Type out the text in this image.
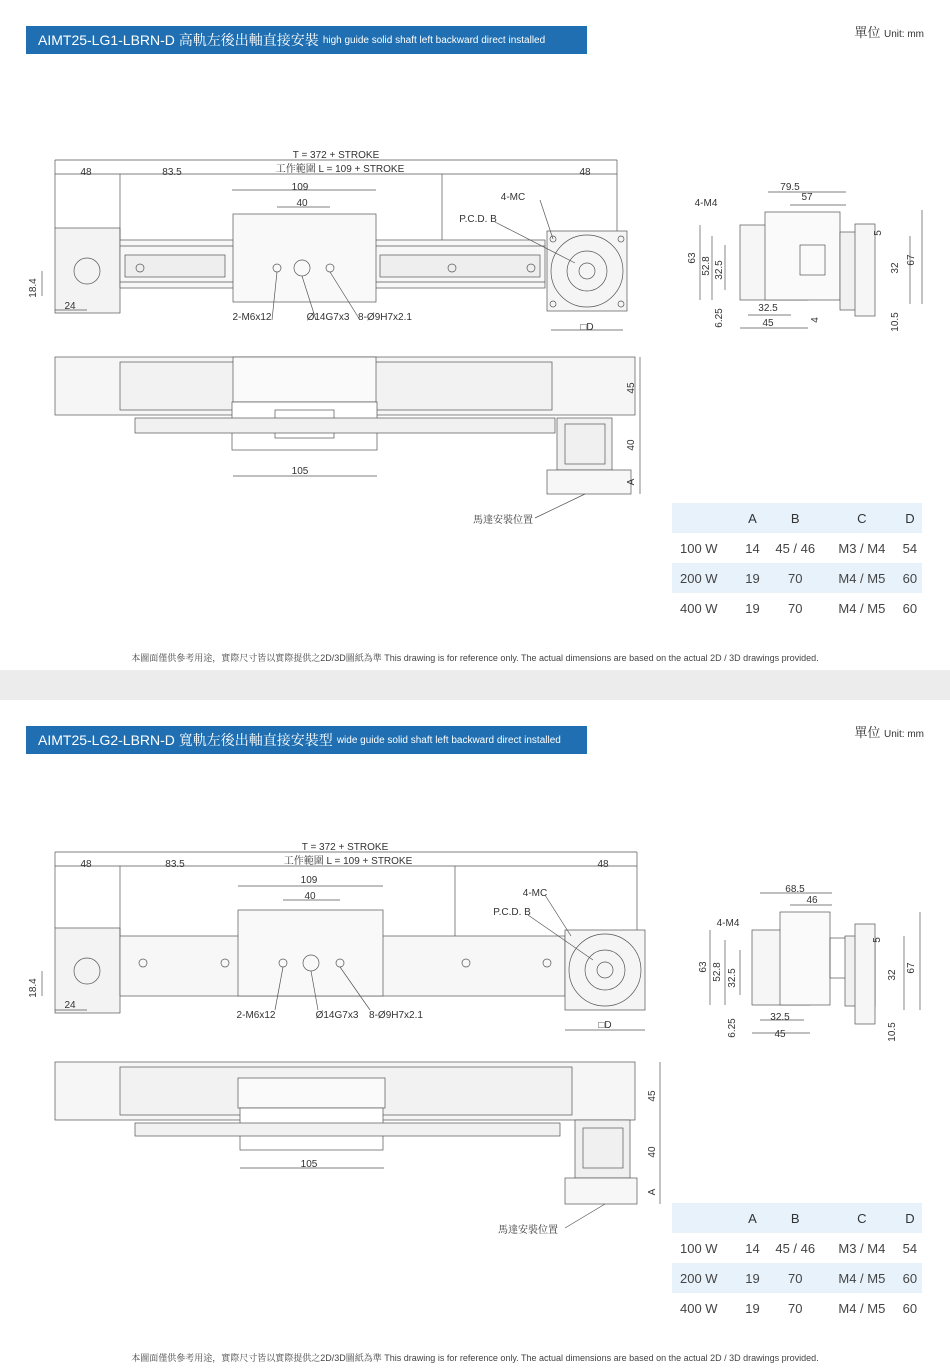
AIMT25-LG1-LBRN-D 高軌左後出軸直接安裝 high guide solid shaft left backward direct installed	單位 Unit: mm
T = 372 + STROKE
工作範圍 L = 109 + STROKE
48	83.5
109
40
48
4-MC
P.C.D. B
18.4
24
2-M6x12	Ø14G7x3 8-Ø9H7x2.1
□D
45
40
A
105
馬達安裝位置
79.5
57
4-M4
63 52.8 32.5
5
32
67
6.25	32.5
45	4	10.5
	A	B	C	D
100 W	14	45 / 46	M3 / M4	54
200 W	19	70	M4 / M5	60
400 W	19	70	M4 / M5	60
本圖面僅供參考用途，實際尺寸皆以實際提供之2D/3D圖紙為準 This drawing is for reference only. The actual dimensions are based on the actual 2D / 3D drawings provided.
AIMT25-LG2-LBRN-D 寬軌左後出軸直接安裝型 wide guide solid shaft left backward direct installed	單位 Unit: mm
T = 372 + STROKE
工作範圍 L = 109 + STROKE
48	83.5
109
40
48
4-MC
P.C.D. B
18.4
24
2-M6x12	Ø14G7x3 8-Ø9H7x2.1
□D
45
40
A
105
馬達安裝位置
68.5
46
4-M4
63 52.8 32.5
5
32
67
6.25
32.5
45	10.5
	A	B	C	D
100 W	14	45 / 46	M3 / M4	54
200 W	19	70	M4 / M5	60
400 W	19	70	M4 / M5	60
本圖面僅供參考用途，實際尺寸皆以實際提供之2D/3D圖紙為準 This drawing is for reference only. The actual dimensions are based on the actual 2D / 3D drawings provided.
